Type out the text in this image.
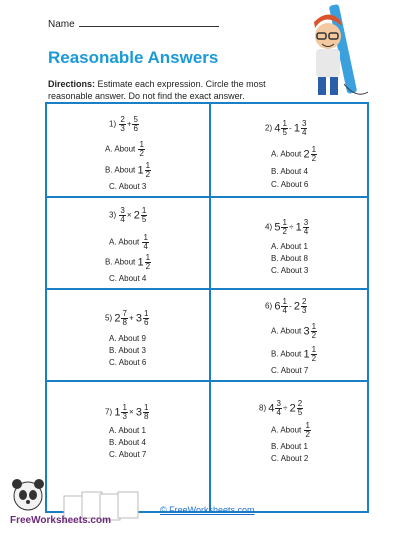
Name
Reasonable Answers
Directions: Estimate each expression. Circle the most reasonable answer. Do not find the exact answer.
$1) \frac{2}{3} + \frac{5}{6}$
A. About $\frac{1}{2}$
B. About $1 \frac{1}{2}$
C. About 3
2) $4 \frac{1}{5} - 1 \frac{3}{4}$
A. About $2 \frac{1}{2}$
B. About 4
C. About 6
$3) \frac{3}{4} \times 2 \frac{1}{5}$
A. About $\frac{1}{4}$
B. About $1 \frac{1}{2}$
C. About 4
4) $5 \frac{1}{2} \div 1 \frac{3}{4}$
A. About 1
B. About 8
C. About 3
5) $2 \frac{7}{8} + 3 \frac{1}{6}$
A. About 9
B. About 3
C. About 6
6) $6 \frac{1}{4} - 2 \frac{2}{3}$
A. About $3 \frac{1}{2}$
B. About $1 \frac{1}{2}$
C. About 7
7) $1 \frac{1}{3} \times 3 \frac{1}{8}$
A. About 1
B. About 4
C. About 7
8) $4 \frac{3}{4} \div 2 \frac{2}{5}$
A. About $\frac{1}{2}$
B. About 1
C. About 2
FreeWorksheets.com
© FreeWorksheets.com
